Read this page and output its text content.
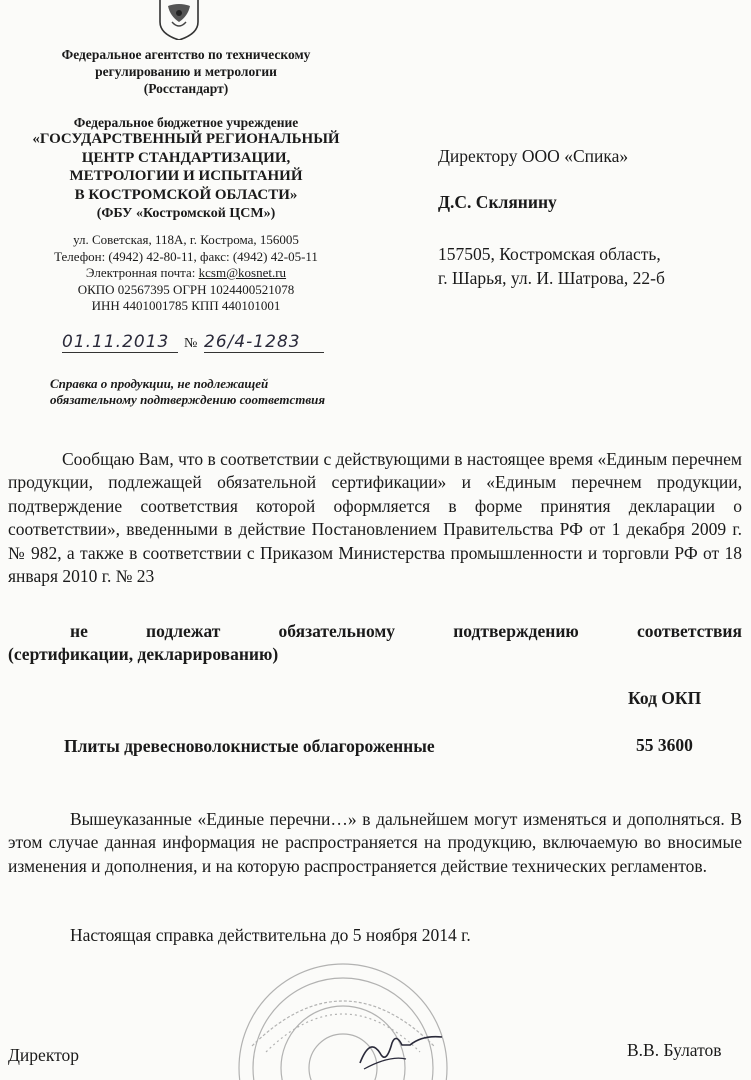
Федеральное агентство по техническому
регулированию и метрологии
(Росстандарт)
Федеральное бюджетное учреждение
«ГОСУДАРСТВЕННЫЙ РЕГИОНАЛЬНЫЙ
ЦЕНТР СТАНДАРТИЗАЦИИ,
МЕТРОЛОГИИ И ИСПЫТАНИЙ
В КОСТРОМСКОЙ ОБЛАСТИ»
(ФБУ «Костромской ЦСМ»)
ул. Советская, 118А, г. Кострома, 156005
Телефон: (4942) 42-80-11, факс: (4942) 42-05-11
Электронная почта: kcsm@kosnet.ru
ОКПО 02567395 ОГРН 1024400521078
ИНН 4401001785 КПП 440101001
01.11.2013	№ 26/4-1283
Справка о продукции, не подлежащей
обязательному подтверждению соответствия
Директору ООО «Спика»
Д.С. Склянину
157505, Костромская область,
г. Шарья, ул. И. Шатрова, 22-б
Сообщаю Вам, что в соответствии с действующими в настоящее время «Единым перечнем продукции, подлежащей обязательной сертификации» и «Единым перечнем продукции, подтверждение соответствия которой оформляется в форме принятия декларации о соответствии», введенными в действие Постановлением Правительства РФ от 1 декабря 2009 г. № 982, а также в соответствии с Приказом Министерства промышленности и торговли РФ от 18 января 2010 г. № 23
не подлежат обязательному подтверждению соответствия
(сертификации, декларированию)
Код ОКП
Плиты древесноволокнистые облагороженные	55 3600
Вышеуказанные «Единые перечни…» в дальнейшем могут изменяться и дополняться. В этом случае данная информация не распространяется на продукцию, включаемую во вносимые изменения и дополнения, и на которую распространяется действие технических регламентов.
Настоящая справка действительна до 5 ноября 2014 г.
Директор	В.В. Булатов
